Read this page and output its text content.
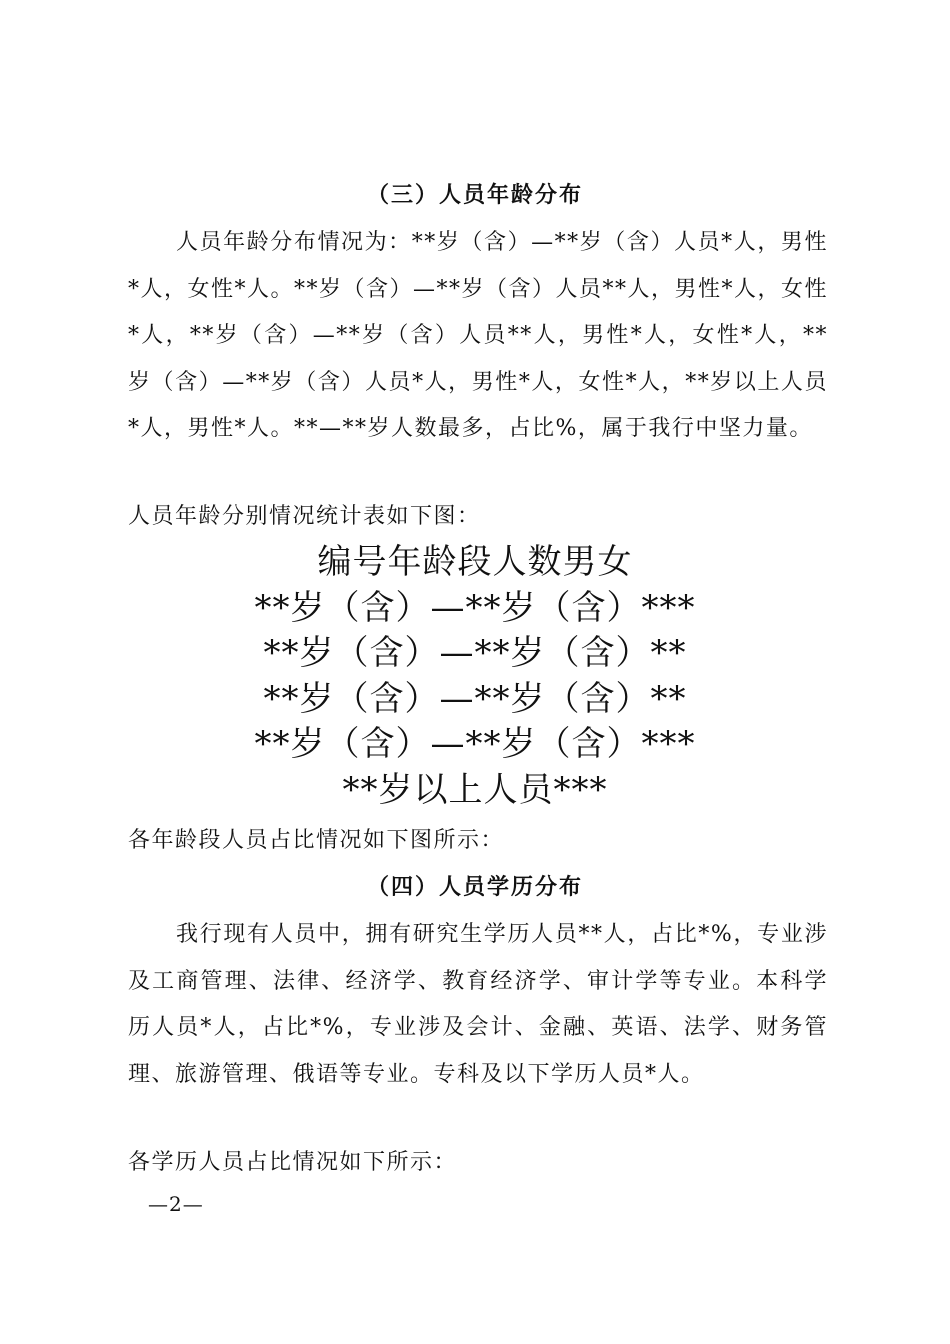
（三）人员年龄分布
人员年龄分布情况为：**岁（含）—**岁（含）人员*人，男性*人，女性*人。**岁（含）—**岁（含）人员**人，男性*人，女性*人，**岁（含）—**岁（含）人员**人，男性*人，女性*人，**岁（含）—**岁（含）人员*人，男性*人，女性*人，**岁以上人员*人，男性*人。**—**岁人数最多，占比%，属于我行中坚力量。
人员年龄分别情况统计表如下图：
编号年龄段人数男女
**岁（含）—**岁（含）***
**岁（含）—**岁（含）**
**岁（含）—**岁（含）**
**岁（含）—**岁（含）***
**岁以上人员***
各年龄段人员占比情况如下图所示：
（四）人员学历分布
我行现有人员中，拥有研究生学历人员**人，占比*%，专业涉及工商管理、法律、经济学、教育经济学、审计学等专业。本科学历人员*人，占比*%，专业涉及会计、金融、英语、法学、财务管理、旅游管理、俄语等专业。专科及以下学历人员*人。
各学历人员占比情况如下所示：
—2—
